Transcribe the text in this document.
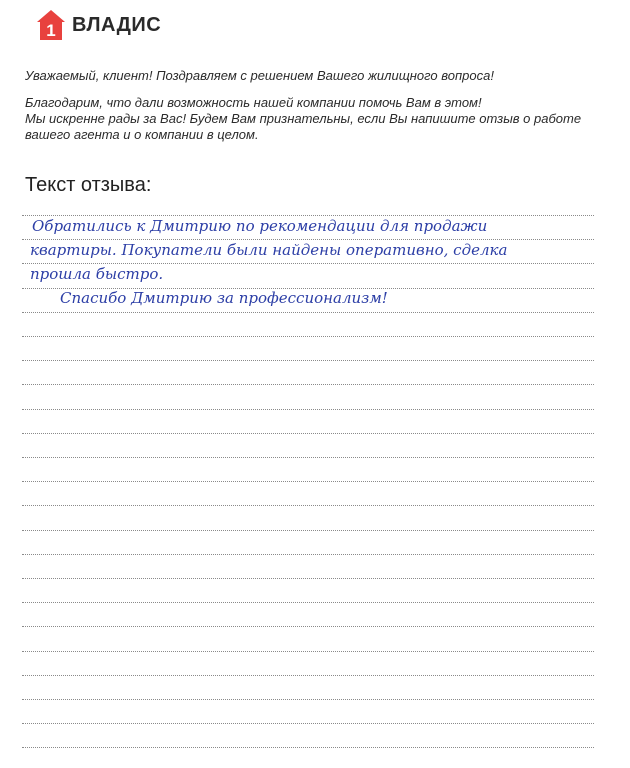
1 ВЛАДИС

Уважаемый, клиент! Поздравляем с решением Вашего жилищного вопроса!

Благодарим, что дали возможность нашей компании помочь Вам в этом!

Мы искренне рады за Вас! Будем Вам признательны, если Вы напишите отзыв о работе

вашего агента и о компании в целом.

Текст отзыва:
Обратились к Дмитрию по рекомендации для продажи
квартиры. Покупатели были найдены оперативно, сделка
прошла быстро.
Спасибо Дмитрию за профессионализм!
